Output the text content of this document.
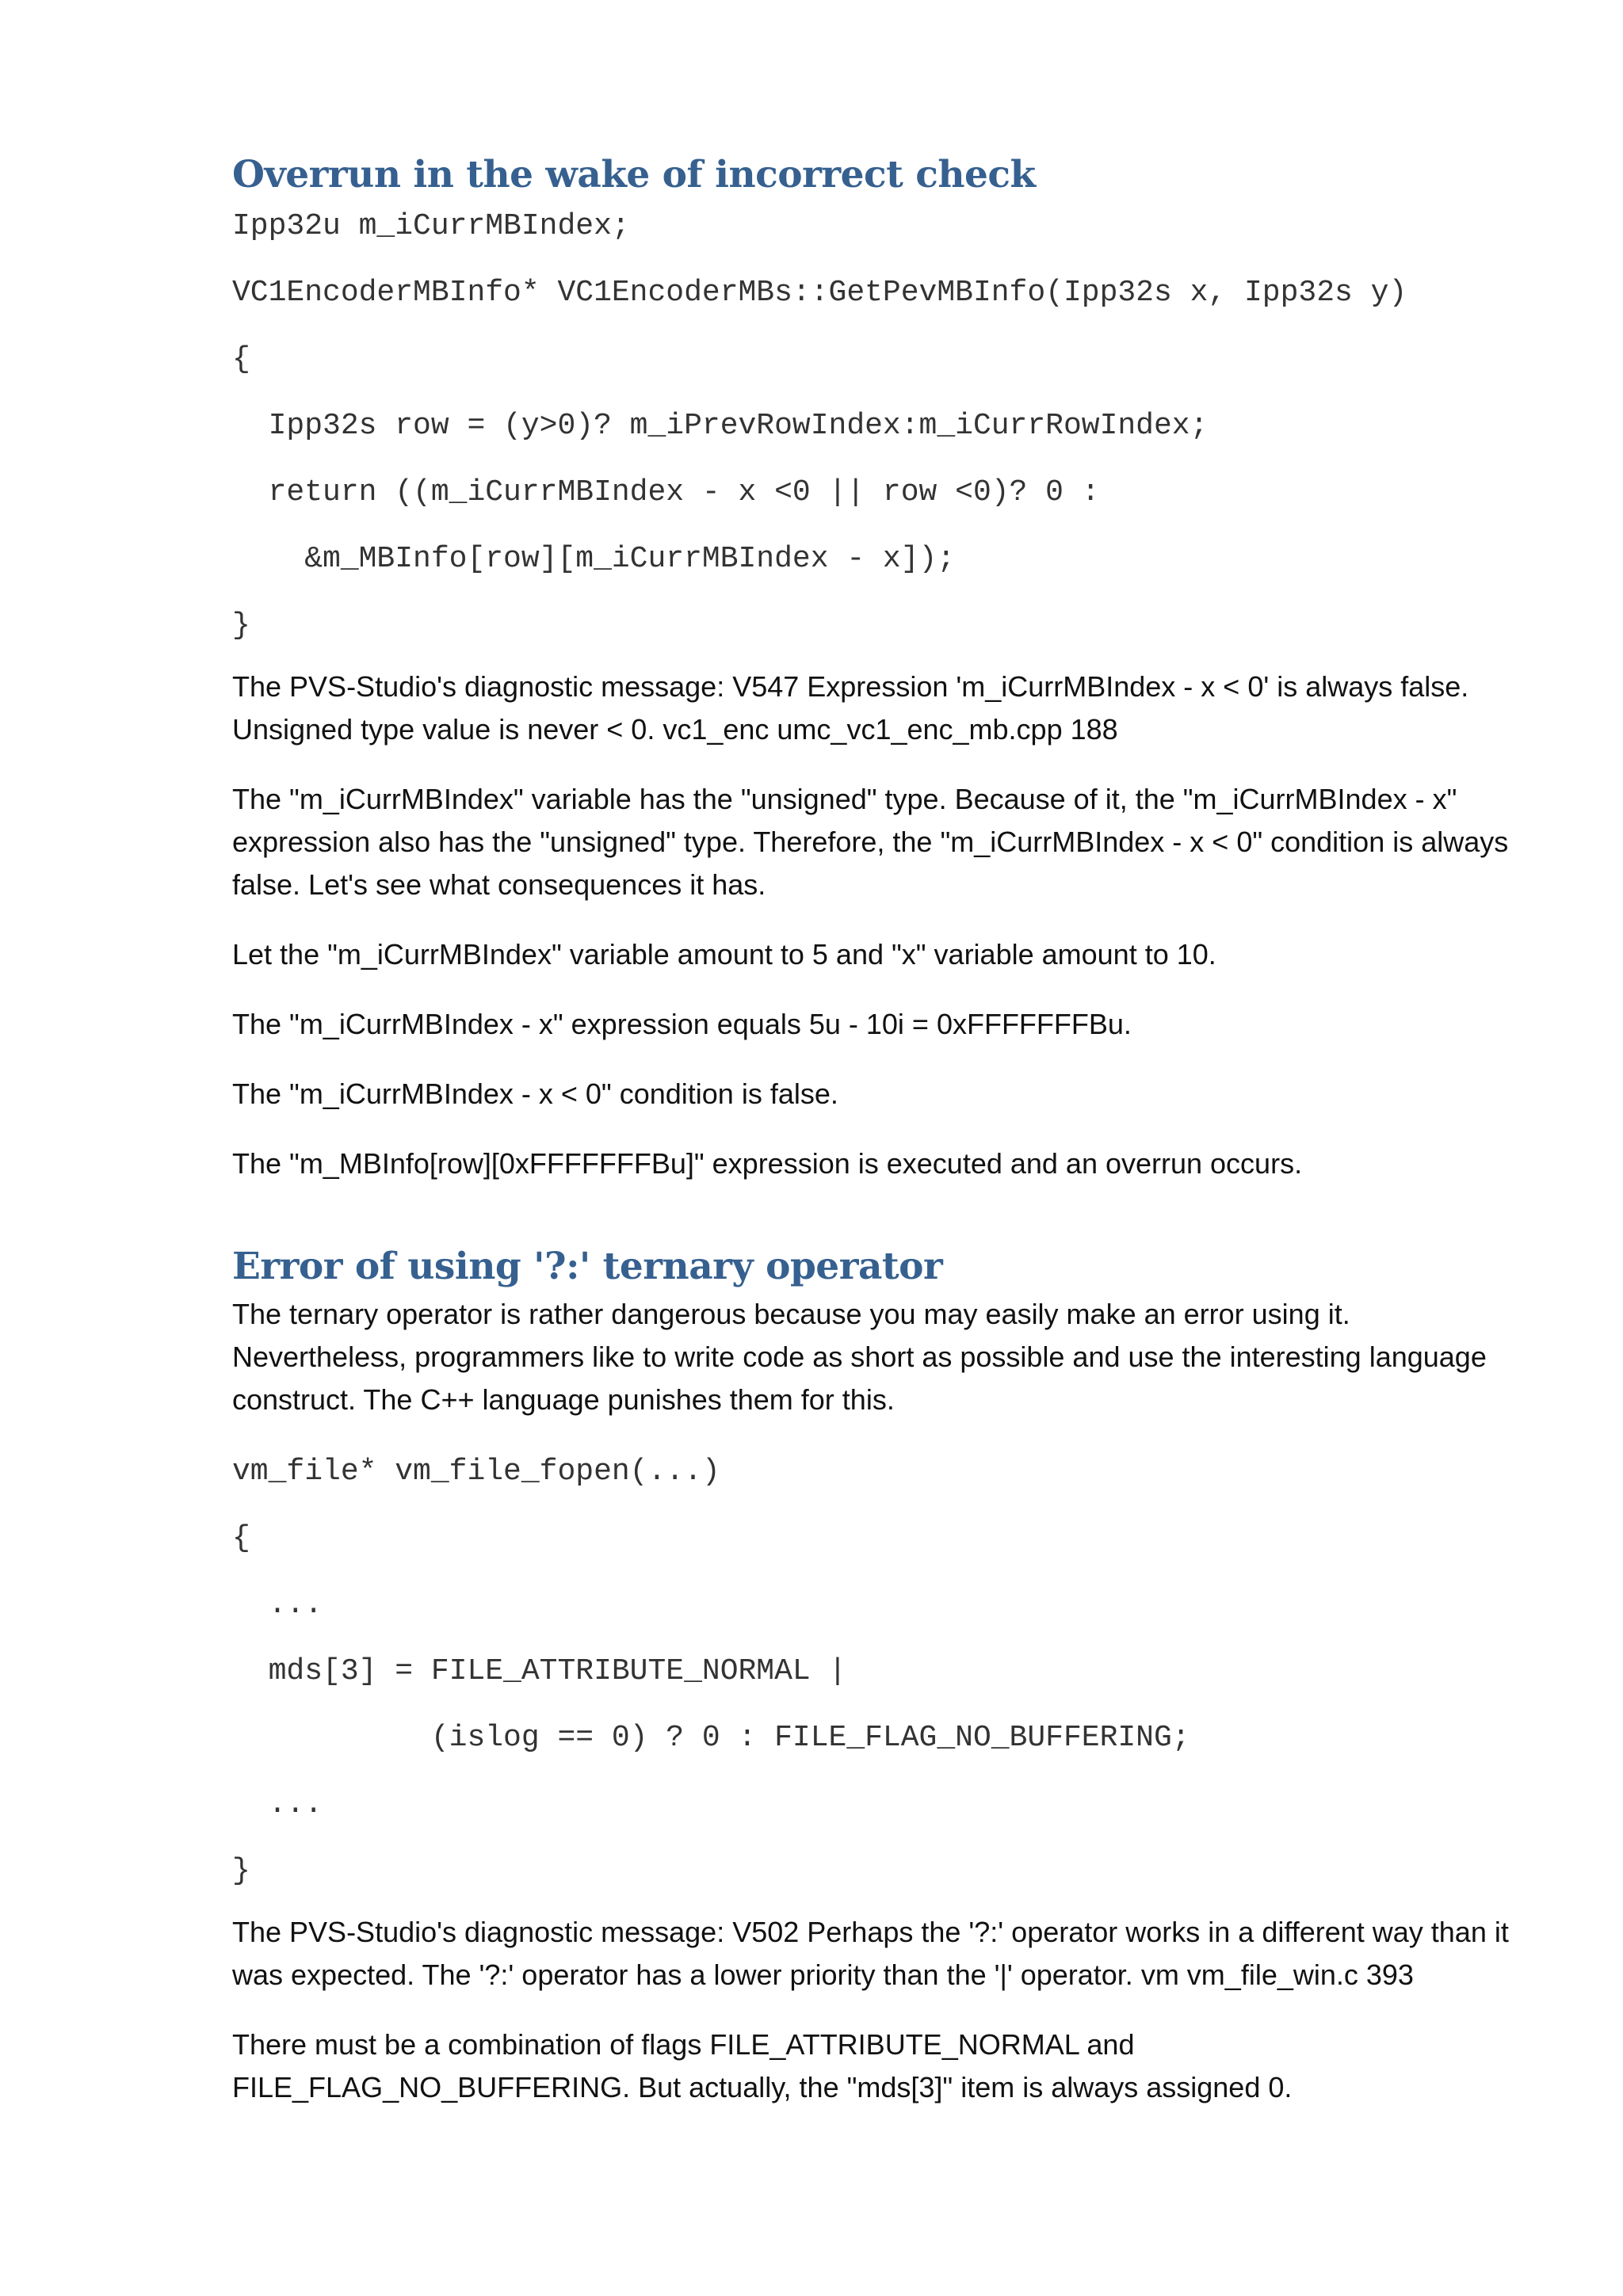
Overrun in the wake of incorrect check
Ipp32u m_iCurrMBIndex;
VC1EncoderMBInfo* VC1EncoderMBs::GetPevMBInfo(Ipp32s x, Ipp32s y)
{
Ipp32s row = (y>0)? m_iPrevRowIndex:m_iCurrRowIndex;
return ((m_iCurrMBIndex - x <0 || row <0)? 0 :
&m_MBInfo[row][m_iCurrMBIndex - x]);
}

The PVS-Studio's diagnostic message: V547 Expression 'm_iCurrMBIndex - x < 0' is always false. Unsigned type value is never < 0. vc1_enc umc_vc1_enc_mb.cpp 188

The "m_iCurrMBIndex" variable has the "unsigned" type. Because of it, the "m_iCurrMBIndex - x" expression also has the "unsigned" type. Therefore, the "m_iCurrMBIndex - x < 0" condition is always false. Let's see what consequences it has.

Let the "m_iCurrMBIndex" variable amount to 5 and "x" variable amount to 10.

The "m_iCurrMBIndex - x" expression equals 5u - 10i = 0xFFFFFFFBu.

The "m_iCurrMBIndex - x < 0" condition is false.

The "m_MBInfo[row][0xFFFFFFFBu]" expression is executed and an overrun occurs.

Error of using '?:' ternary operator

The ternary operator is rather dangerous because you may easily make an error using it. Nevertheless, programmers like to write code as short as possible and use the interesting language construct. The C++ language punishes them for this.

vm_file* vm_file_fopen(...)
{
...
mds[3] = FILE_ATTRIBUTE_NORMAL |
(islog == 0) ? 0 : FILE_FLAG_NO_BUFFERING;
...
}

The PVS-Studio's diagnostic message: V502 Perhaps the '?:' operator works in a different way than it was expected. The '?:' operator has a lower priority than the '|' operator. vm vm_file_win.c 393

There must be a combination of flags FILE_ATTRIBUTE_NORMAL and FILE_FLAG_NO_BUFFERING. But actually, the "mds[3]" item is always assigned 0.
